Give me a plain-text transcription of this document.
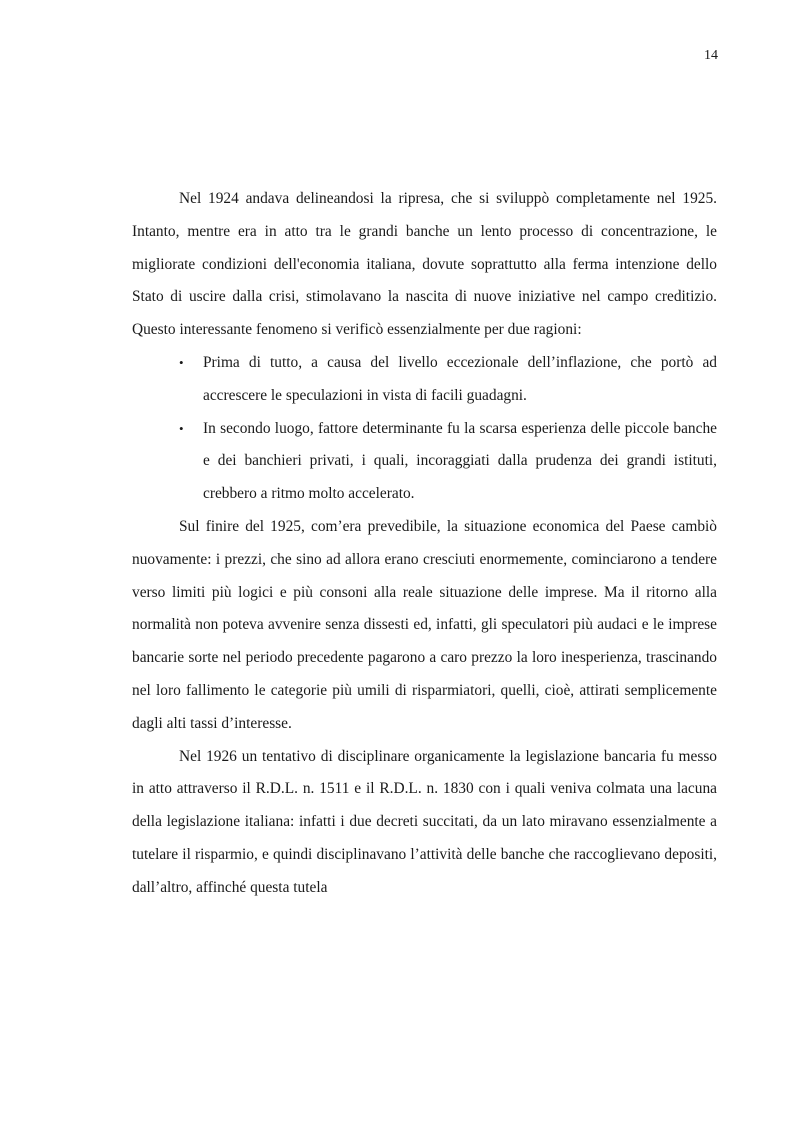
14

Nel 1924 andava delineandosi la ripresa, che si sviluppò completamente nel 1925. Intanto, mentre era in atto tra le grandi banche un lento processo di concentrazione, le migliorate condizioni dell'economia italiana, dovute soprattutto alla ferma intenzione dello Stato di uscire dalla crisi, stimolavano la nascita di nuove iniziative nel campo creditizio. Questo interessante fenomeno si verificò essenzialmente per due ragioni:

• Prima di tutto, a causa del livello eccezionale dell’inflazione, che portò ad accrescere le speculazioni in vista di facili guadagni.
• In secondo luogo, fattore determinante fu la scarsa esperienza delle piccole banche e dei banchieri privati, i quali, incoraggiati dalla prudenza dei grandi istituti, crebbero a ritmo molto accelerato.

Sul finire del 1925, com’era prevedibile, la situazione economica del Paese cambiò nuovamente: i prezzi, che sino ad allora erano cresciuti enormemente, cominciarono a tendere verso limiti più logici e più consoni alla reale situazione delle imprese. Ma il ritorno alla normalità non poteva avvenire senza dissesti ed, infatti, gli speculatori più audaci e le imprese bancarie sorte nel periodo precedente pagarono a caro prezzo la loro inesperienza, trascinando nel loro fallimento le categorie più umili di risparmiatori, quelli, cioè, attirati semplicemente dagli alti tassi d’interesse.

Nel 1926 un tentativo di disciplinare organicamente la legislazione bancaria fu messo in atto attraverso il R.D.L. n. 1511 e il R.D.L. n. 1830 con i quali veniva colmata una lacuna della legislazione italiana: infatti i due decreti succitati, da un lato miravano essenzialmente a tutelare il risparmio, e quindi disciplinavano l’attività delle banche che raccoglievano depositi, dall’altro, affinché questa tutela
